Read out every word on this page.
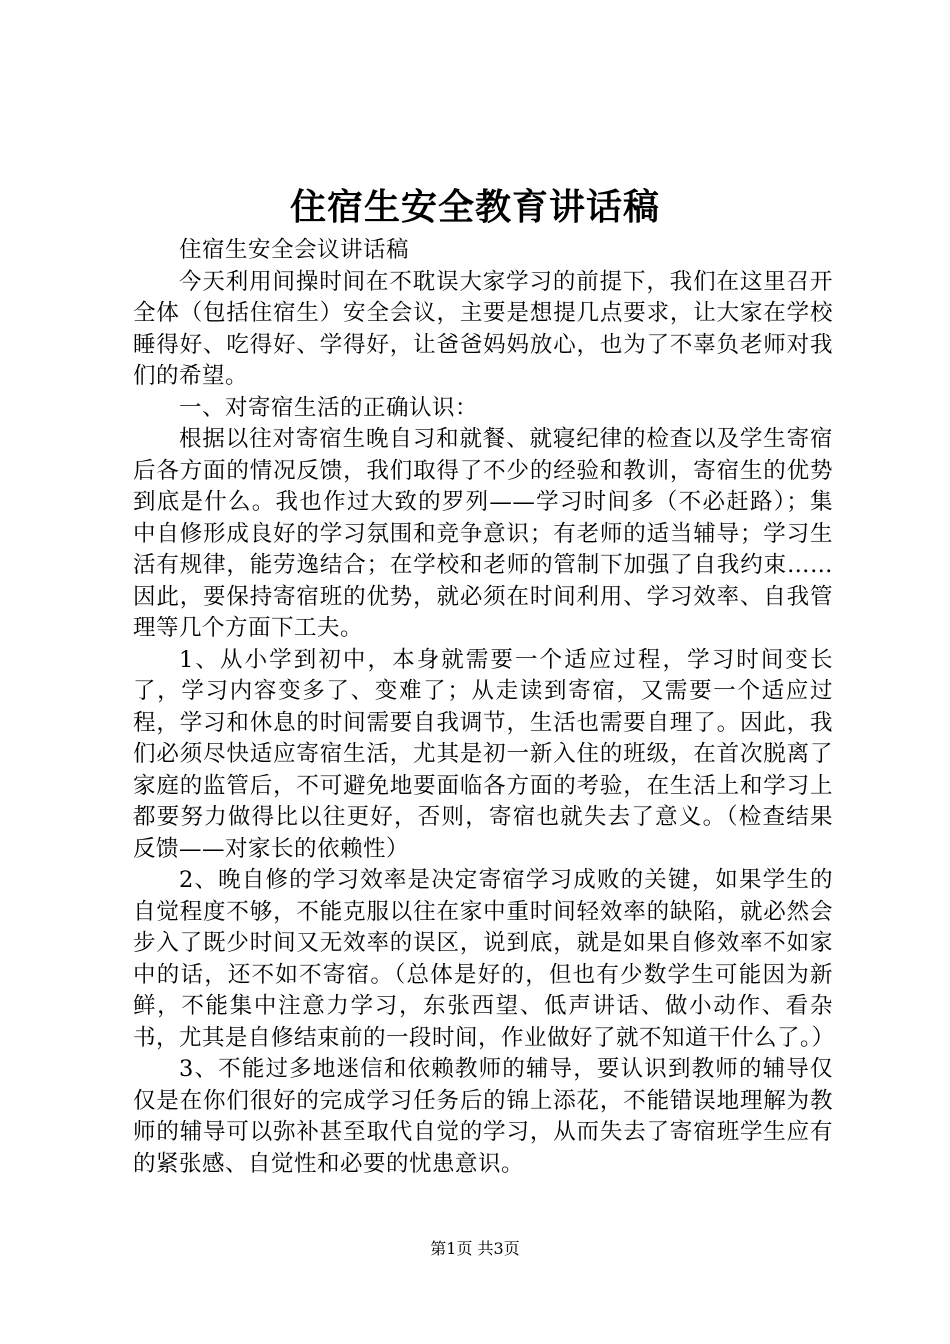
住宿生安全教育讲话稿

住宿生安全会议讲话稿

今天利用间操时间在不耽误大家学习的前提下，我们在这里召开全体（包括住宿生）安全会议，主要是想提几点要求，让大家在学校睡得好、吃得好、学得好，让爸爸妈妈放心，也为了不辜负老师对我们的希望。

一、对寄宿生活的正确认识：

根据以往对寄宿生晚自习和就餐、就寝纪律的检查以及学生寄宿后各方面的情况反馈，我们取得了不少的经验和教训，寄宿生的优势到底是什么。我也作过大致的罗列——学习时间多（不必赶路）；集中自修形成良好的学习氛围和竞争意识；有老师的适当辅导；学习生活有规律，能劳逸结合；在学校和老师的管制下加强了自我约束……因此，要保持寄宿班的优势，就必须在时间利用、学习效率、自我管理等几个方面下工夫。

1、从小学到初中，本身就需要一个适应过程，学习时间变长了，学习内容变多了、变难了；从走读到寄宿，又需要一个适应过程，学习和休息的时间需要自我调节，生活也需要自理了。因此，我们必须尽快适应寄宿生活，尤其是初一新入住的班级，在首次脱离了家庭的监管后，不可避免地要面临各方面的考验，在生活上和学习上都要努力做得比以往更好，否则，寄宿也就失去了意义。（检查结果反馈——对家长的依赖性）

2、晚自修的学习效率是决定寄宿学习成败的关键，如果学生的自觉程度不够，不能克服以往在家中重时间轻效率的缺陷，就必然会步入了既少时间又无效率的误区，说到底，就是如果自修效率不如家中的话，还不如不寄宿。（总体是好的，但也有少数学生可能因为新鲜，不能集中注意力学习，东张西望、低声讲话、做小动作、看杂书，尤其是自修结束前的一段时间，作业做好了就不知道干什么了。）

3、不能过多地迷信和依赖教师的辅导，要认识到教师的辅导仅仅是在你们很好的完成学习任务后的锦上添花，不能错误地理解为教师的辅导可以弥补甚至取代自觉的学习，从而失去了寄宿班学生应有的紧张感、自觉性和必要的忧患意识。

第1页 共3页
